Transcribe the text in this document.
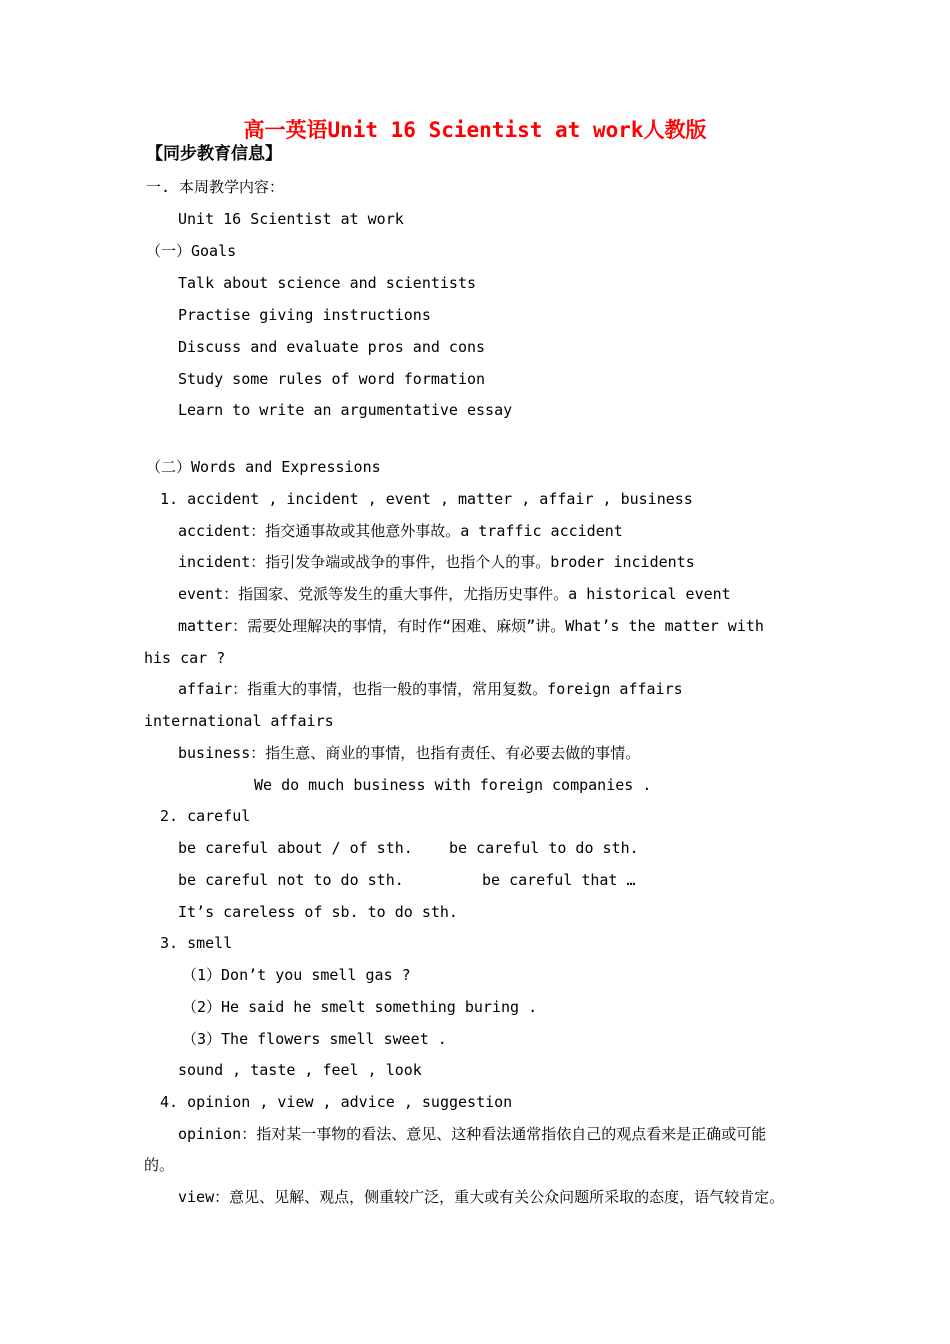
高一英语Unit 16 Scientist at work人教版
【同步教育信息】
一. 本周教学内容：
Unit 16 Scientist at work
（一）Goals
Talk about science and scientists
Practise giving instructions
Discuss and evaluate pros and cons
Study some rules of word formation
Learn to write an argumentative essay
（二）Words and Expressions
1. accident , incident , event , matter , affair , business
accident：指交通事故或其他意外事故。a traffic accident
incident：指引发争端或战争的事件，也指个人的事。broder incidents
event：指国家、党派等发生的重大事件，尤指历史事件。a historical event
matter：需要处理解决的事情，有时作“困难、麻烦”讲。What’s the matter with
his car ?
affair：指重大的事情，也指一般的事情，常用复数。foreign affairs
international affairs
business：指生意、商业的事情，也指有责任、有必要去做的事情。
We do much business with foreign companies .
2. careful
be careful about / of sth. be careful to do sth.
be careful not to do sth.	be careful that …
It’s careless of sb. to do sth.
3. smell
（1）Don’t you smell gas ?
（2）He said he smelt something buring .
（3）The flowers smell sweet .
sound , taste , feel , look
4. opinion , view , advice , suggestion
opinion：指对某一事物的看法、意见、这种看法通常指依自己的观点看来是正确或可能
的。
view：意见、见解、观点，侧重较广泛，重大或有关公众问题所采取的态度，语气较肯定。
